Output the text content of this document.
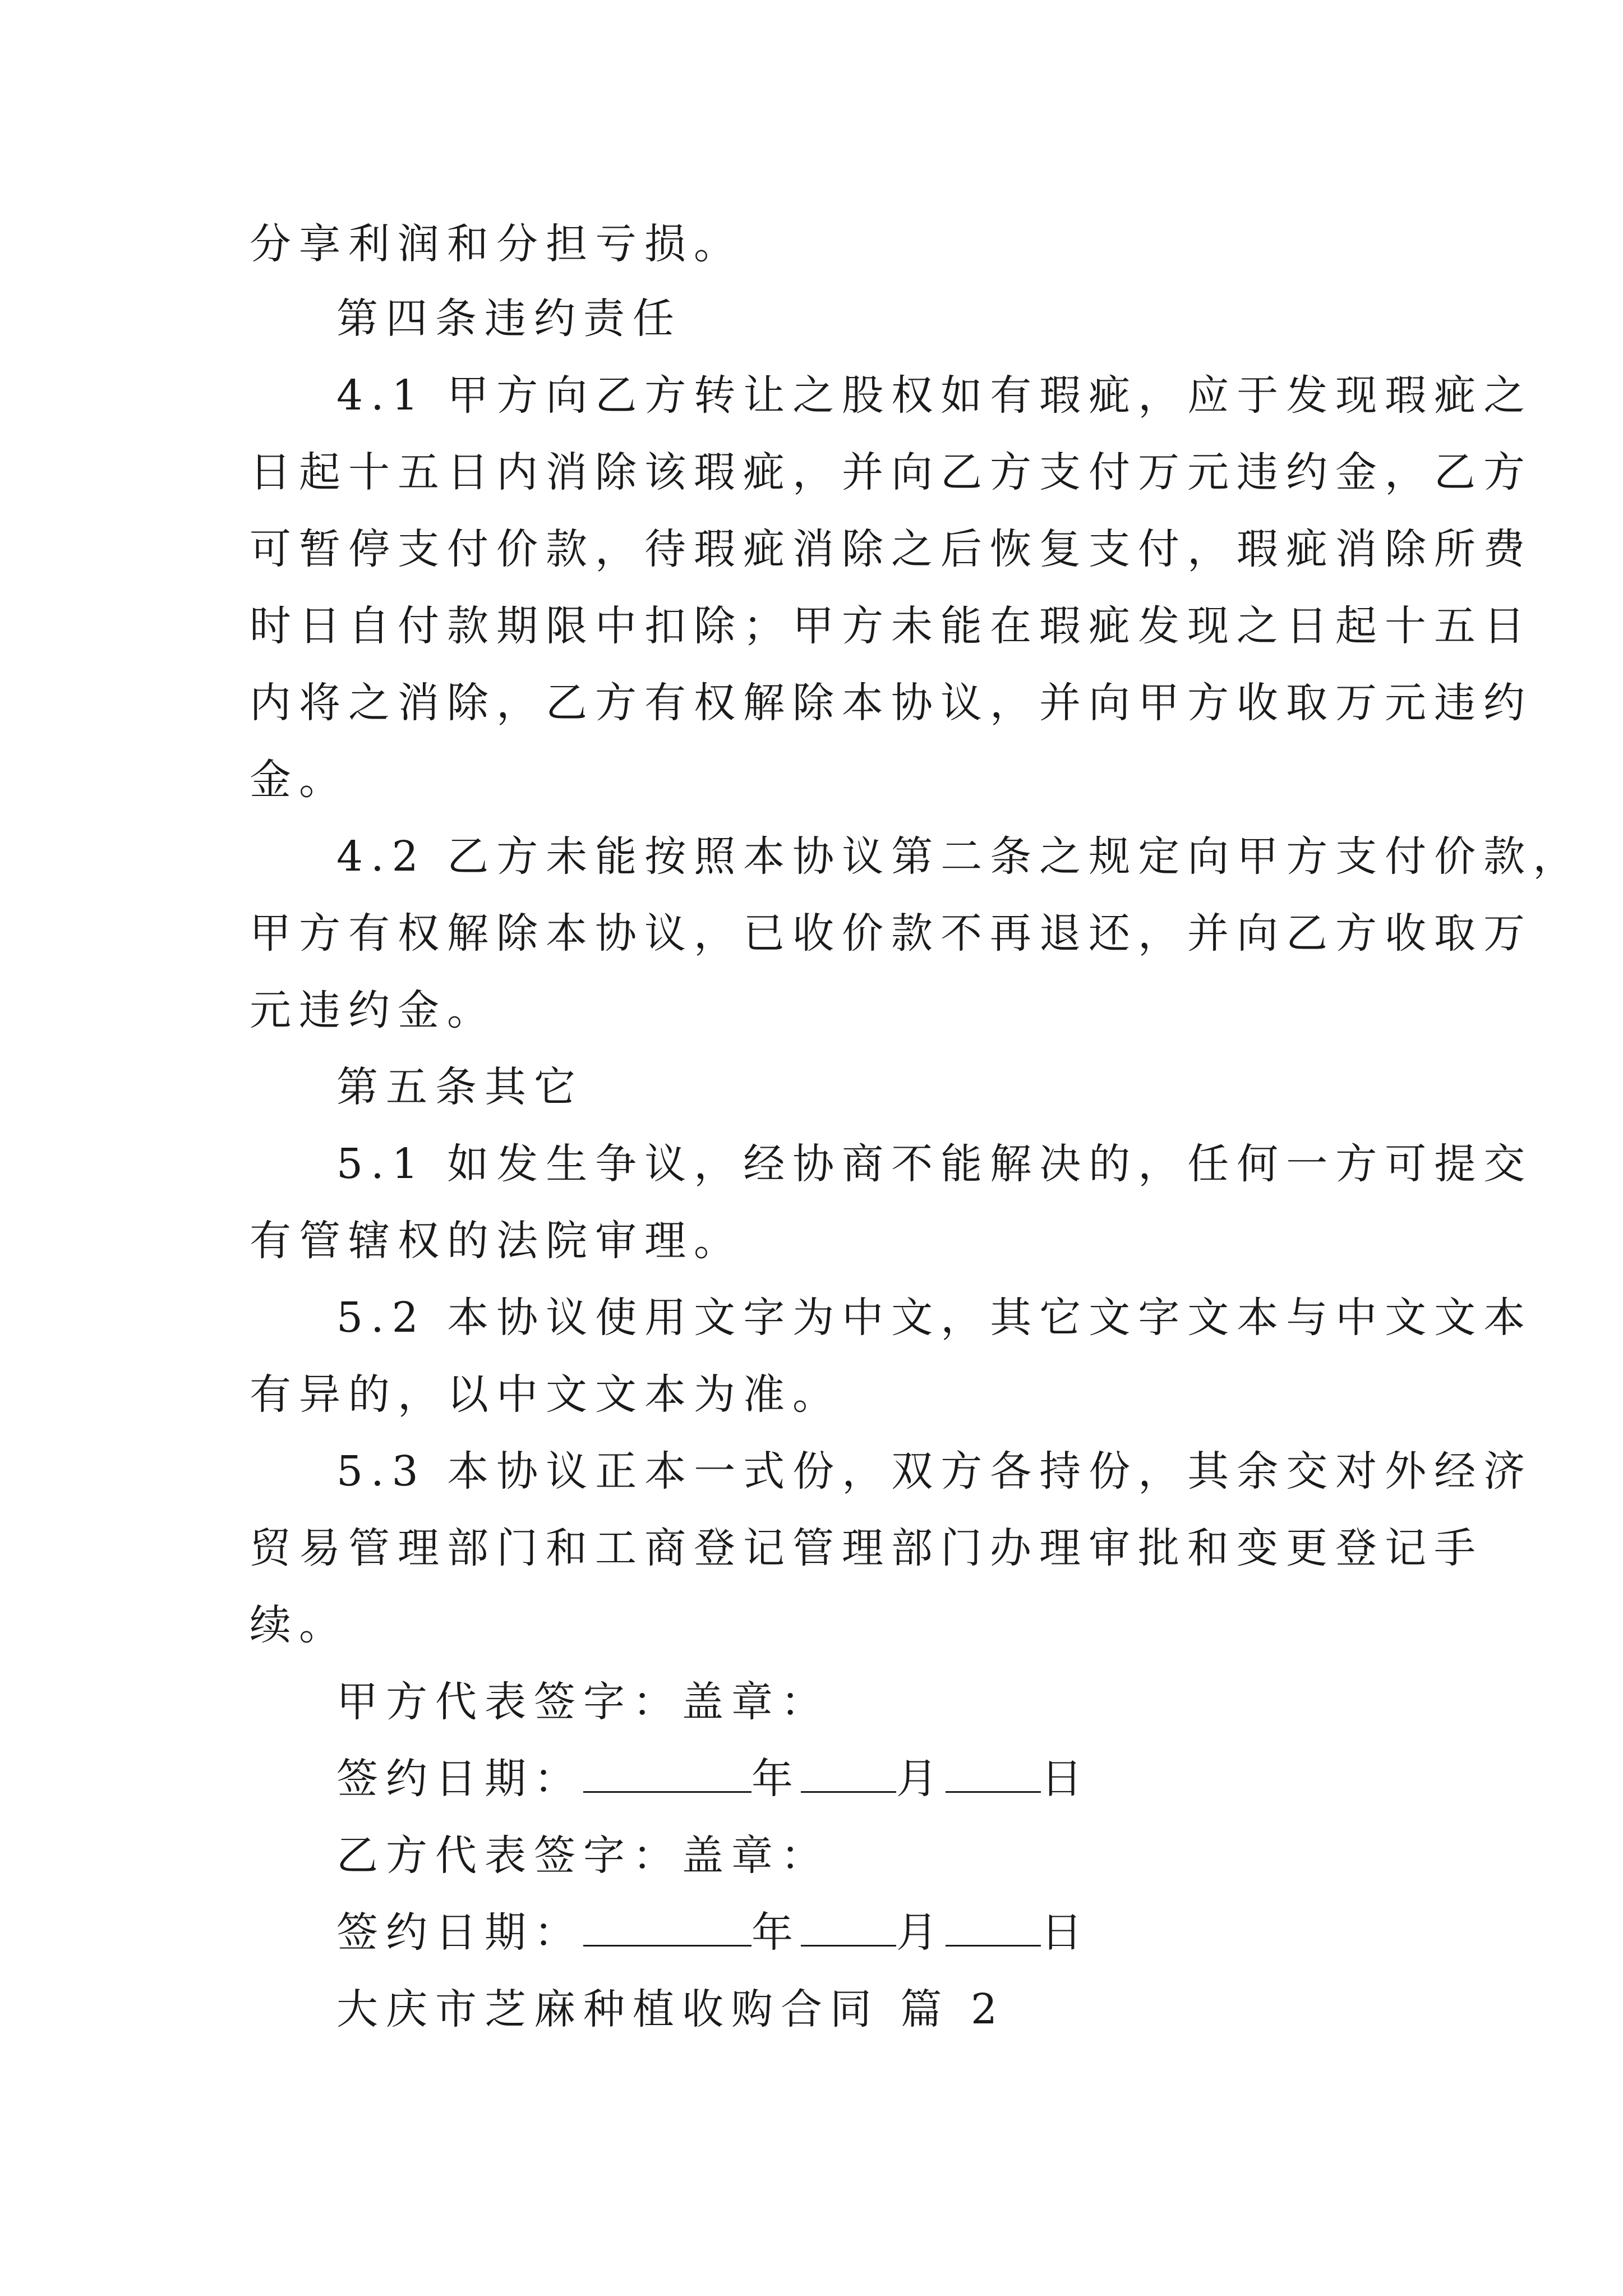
分享利润和分担亏损。
第四条违约责任
4.1 甲方向乙方转让之股权如有瑕疵，应于发现瑕疵之
日起十五日内消除该瑕疵，并向乙方支付万元违约金，乙方
可暂停支付价款，待瑕疵消除之后恢复支付，瑕疵消除所费
时日自付款期限中扣除；甲方未能在瑕疵发现之日起十五日
内将之消除，乙方有权解除本协议，并向甲方收取万元违约
金。
4.2 乙方未能按照本协议第二条之规定向甲方支付价款，
甲方有权解除本协议，已收价款不再退还，并向乙方收取万
元违约金。
第五条其它
5.1 如发生争议，经协商不能解决的，任何一方可提交
有管辖权的法院审理。
5.2 本协议使用文字为中文，其它文字文本与中文文本
有异的，以中文文本为准。
5.3 本协议正本一式份，双方各持份，其余交对外经济
贸易管理部门和工商登记管理部门办理审批和变更登记手
续。
甲方代表签字：盖章：
签约日期：	年 月 日
乙方代表签字：盖章：
签约日期：	年 月 日
大庆市芝麻种植收购合同 篇 2
